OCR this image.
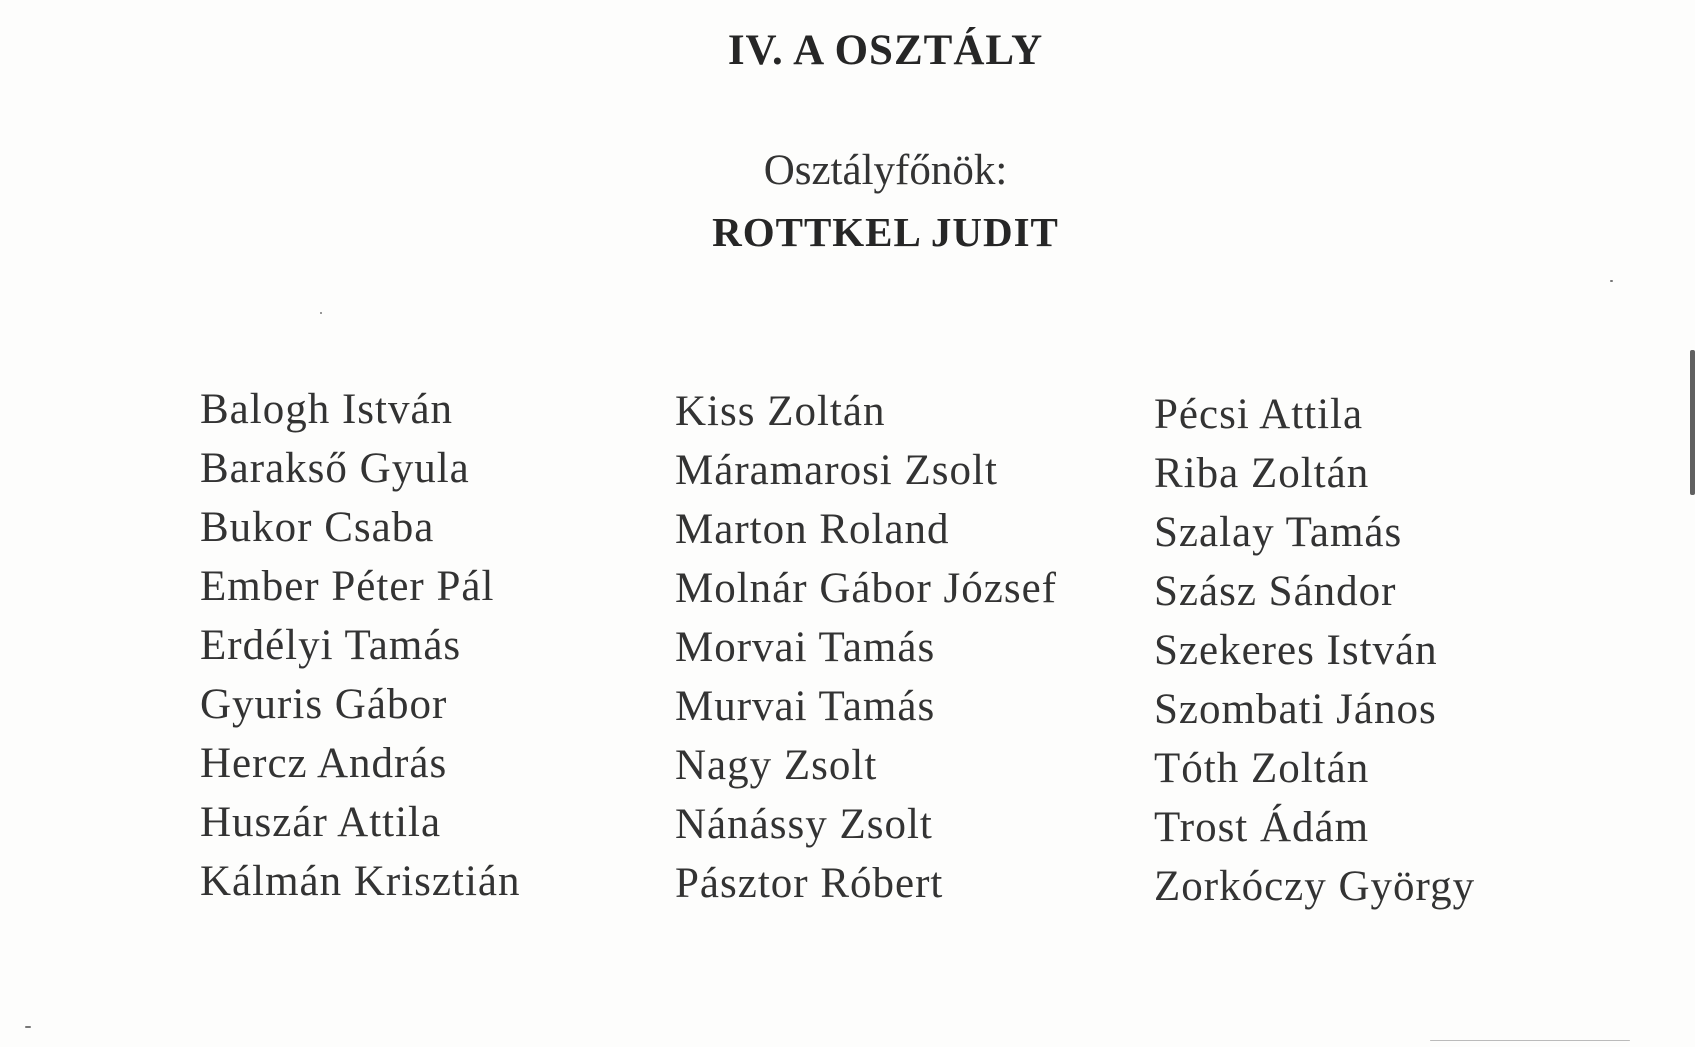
IV. A OSZTÁLY
Osztályfőnök:
ROTTKEL JUDIT
Balogh István
Barakső Gyula
Bukor Csaba
Ember Péter Pál
Erdélyi Tamás
Gyuris Gábor
Hercz András
Huszár Attila
Kálmán Krisztián
Kiss Zoltán
Máramarosi Zsolt
Marton Roland
Molnár Gábor József
Morvai Tamás
Murvai Tamás
Nagy Zsolt
Nánássy Zsolt
Pásztor Róbert
Pécsi Attila
Riba Zoltán
Szalay Tamás
Szász Sándor
Szekeres István
Szombati János
Tóth Zoltán
Trost Ádám
Zorkóczy György
